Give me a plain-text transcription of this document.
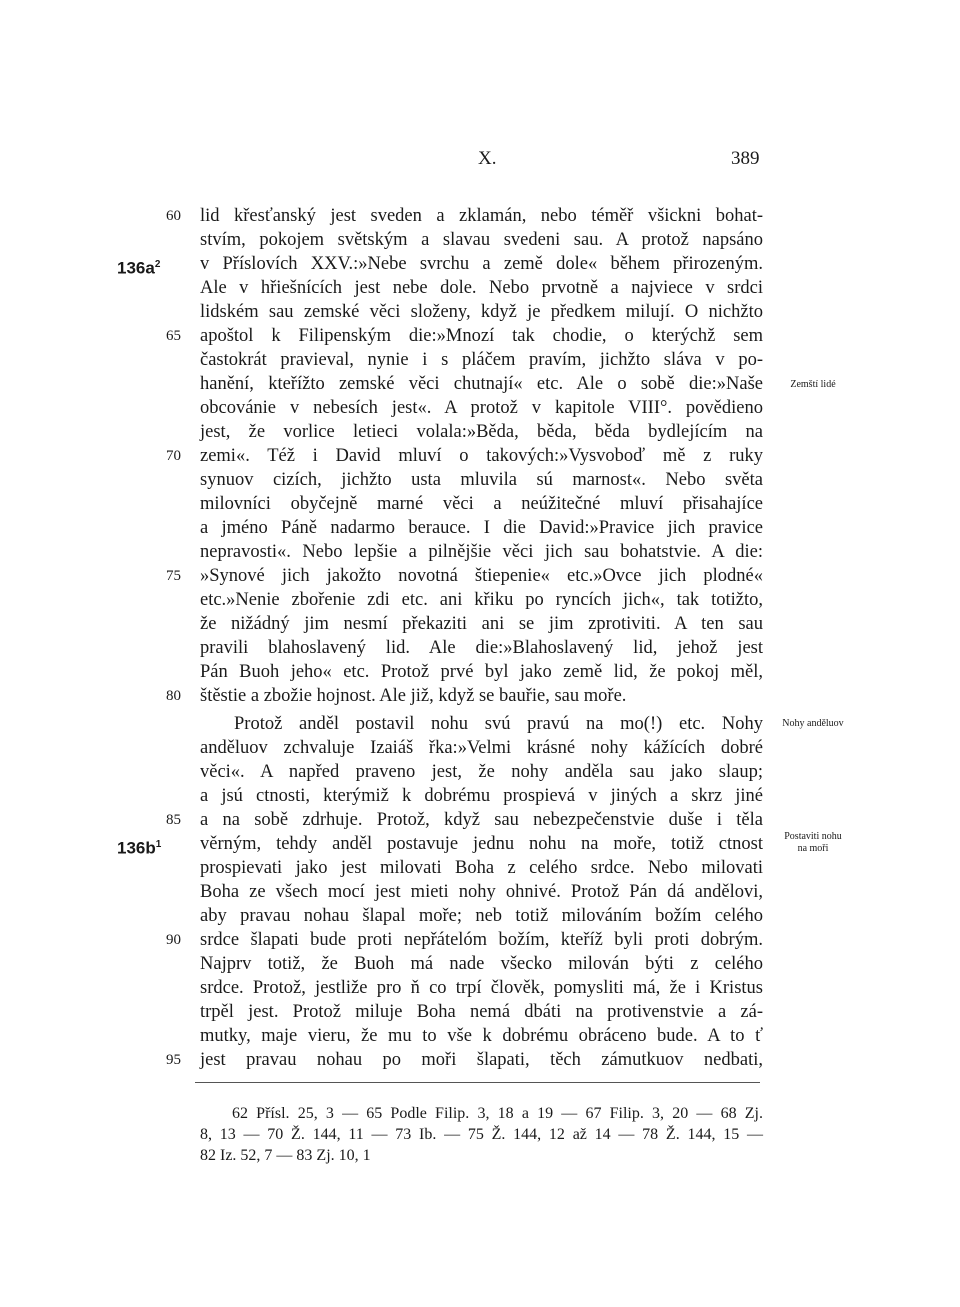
X.	389
lid křesťanský jest sveden a zklamán, nebo téměř všickni bohat-
stvím, pokojem světským a slavau svedeni sau. A protož napsáno
v Příslovích XXV.:»Nebe svrchu a země dole« během přirozeným.
Ale v hřiešnících jest nebe dole. Nebo prvotně a najviece v srdci
lidském sau zemské věci složeny, když je předkem milují. O nichžto
apoštol k Filipenským die:»Mnozí tak chodie, o kterýchž sem
častokrát pravieval, nynie i s pláčem pravím, jichžto sláva v po-
hanění, kteřížto zemské věci chutnají« etc. Ale o sobě die:»Naše
obcovánie v nebesích jest«. A protož v kapitole VIII°. povědieno
jest, že vorlice letieci volala:»Běda, běda, běda bydlejícím na
zemi«. Též i David mluví o takových:»Vysvoboď mě z ruky
synuov cizích, jichžto usta mluvila sú marnost«. Nebo světa
milovníci obyčejně marné věci a neúžitečné mluví přisahajíce
a jméno Páně nadarmo berauce. I die David:»Pravice jich pravice
nepravosti«. Nebo lepšie a pilnějšie věci jich sau bohatstvie. A die:
»Synové jich jakožto novotná štiepenie« etc.»Ovce jich plodné«
etc.»Nenie zbořenie zdi etc. ani křiku po ryncích jich«, tak totižto,
že nižádný jim nesmí překaziti ani se jim zprotiviti. A ten sau
pravili blahoslavený lid. Ale die:»Blahoslavený lid, jehož jest
Pán Buoh jeho« etc. Protož prvé byl jako země lid, že pokoj měl,
štěstie a zbožie hojnost. Ale již, když se bauřie, sau moře.
Protož anděl postavil nohu svú pravú na mo(!) etc. Nohy
anděluov zchvaluje Izaiáš řka:»Velmi krásné nohy kážících dobré
věci«. A napřed praveno jest, že nohy anděla sau jako slaup;
a jsú ctnosti, kterýmiž k dobrému prospievá v jiných a skrz jiné
a na sobě zdrhuje. Protož, když sau nebezpečenstvie duše i těla
věrným, tehdy anděl postavuje jednu nohu na moře, totiž ctnost
prospievati jako jest milovati Boha z celého srdce. Nebo milovati
Boha ze všech mocí jest mieti nohy ohnivé. Protož Pán dá andělovi,
aby pravau nohau šlapal moře; neb totiž milováním božím celého
srdce šlapati bude proti nepřátelóm božím, kteříž byli proti dobrým.
Najprv totiž, že Buoh má nade všecko milován býti z celého
srdce. Protož, jestliže pro ň co trpí člověk, pomysliti má, že i Kristus
trpěl jest. Protož miluje Boha nemá dbáti na protivenstvie a zá-
mutky, maje vieru, že mu to vše k dobrému obráceno bude. A to ť
jest pravau nohau po moři šlapati, těch zámutkuov nedbati,
60
65
70
75
80
85
90
95
$136a^2$
$136b^1$
Zemští lidé
Nohy anděluov
Postaviti nohu
na moři
62 Přísl. 25, 3 — 65 Podle Filip. 3, 18 a 19 — 67 Filip. 3, 20 — 68 Zj.
8, 13 — 70 Ž. 144, 11 — 73 Ib. — 75 Ž. 144, 12 až 14 — 78 Ž. 144, 15 —
82 Iz. 52, 7 — 83 Zj. 10, 1
